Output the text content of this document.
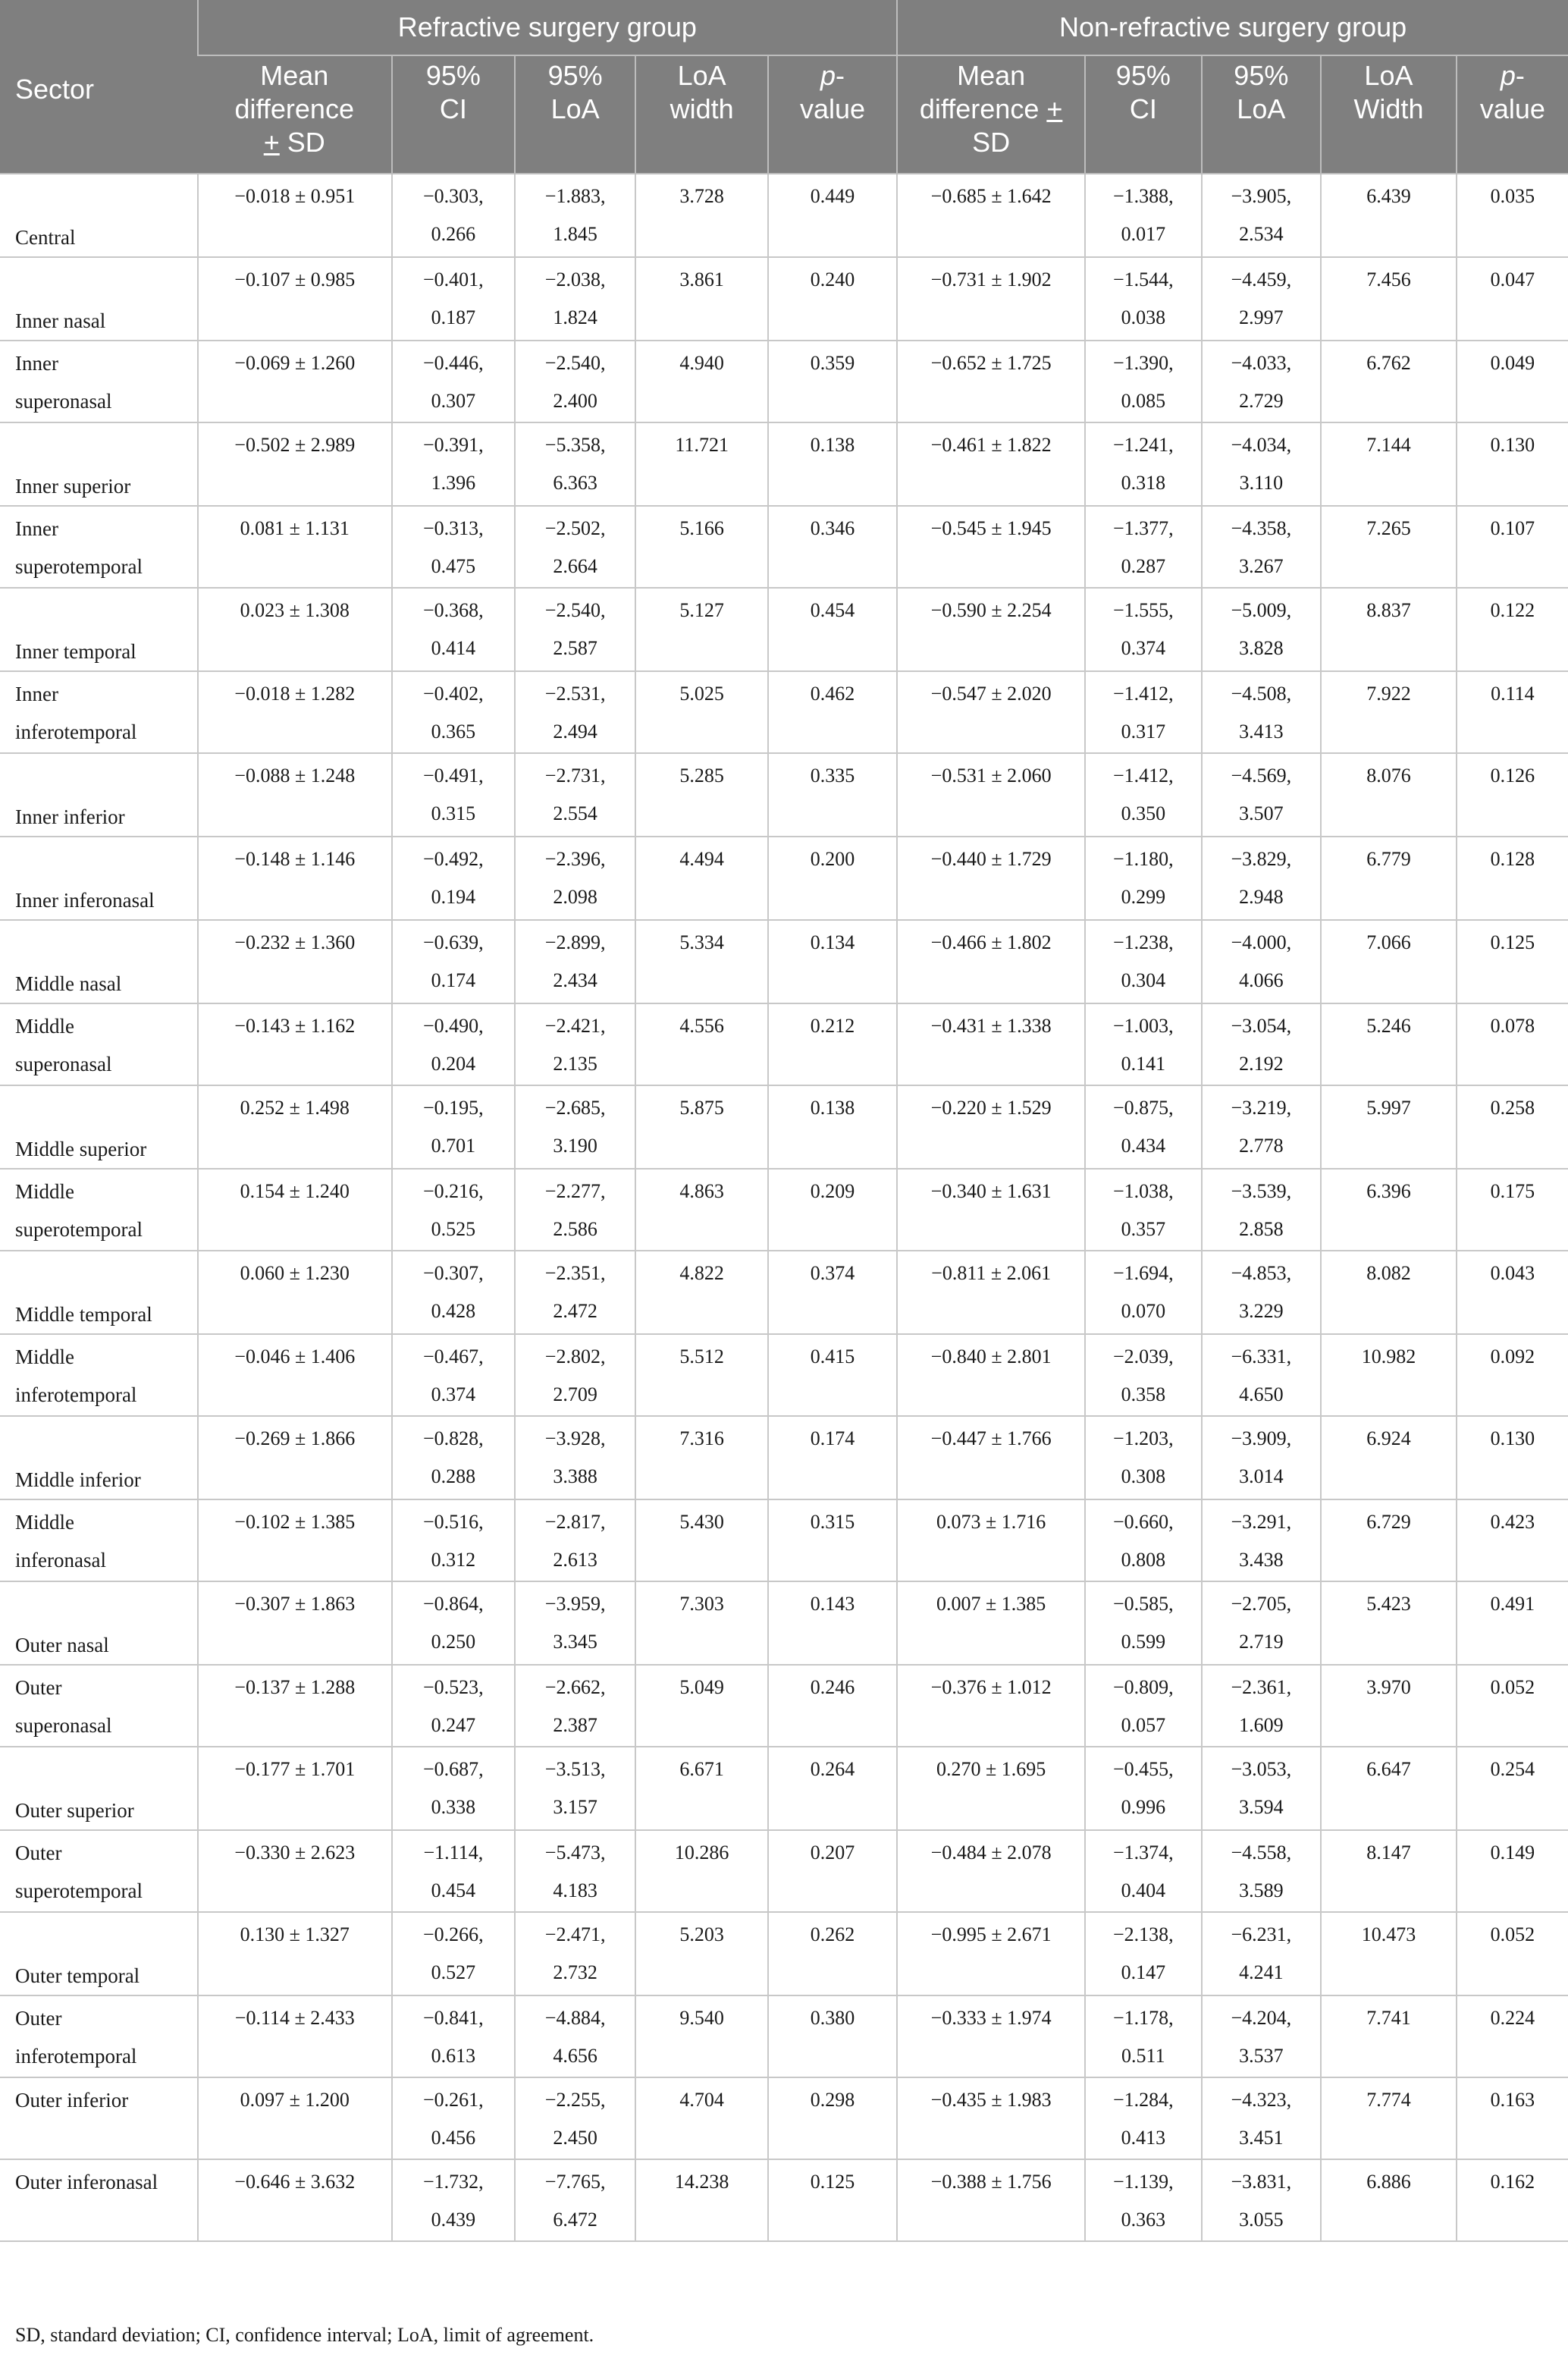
Sector	Refractive surgery group					Non-refractive surgery group				
	Mean
difference
+ SD	95%
CI	95%
LoA	LoA
width	p-
value	Mean
difference + SD	95%
CI	95%
LoA	LoA
Width	p-
value

Central	−0.018 ± 0.951	−0.303,
0.266	−1.883,
1.845	3.728	0.449	−0.685 ± 1.642	−1.388,
0.017	−3.905,
2.534	6.439	0.035

Inner nasal	−0.107 ± 0.985	−0.401,
0.187	−2.038,
1.824	3.861	0.240	−0.731 ± 1.902	−1.544,
0.038	−4.459,
2.997	7.456	0.047

Inner
superonasal	−0.069 ± 1.260	−0.446,
0.307	−2.540,
2.400	4.940	0.359	−0.652 ± 1.725	−1.390,
0.085	−4.033,
2.729	6.762	0.049

Inner superior	−0.502 ± 2.989	−0.391,
1.396	−5.358,
6.363	11.721	0.138	−0.461 ± 1.822	−1.241,
0.318	−4.034,
3.110	7.144	0.130

Inner
superotemporal	0.081 ± 1.131	−0.313,
0.475	−2.502,
2.664	5.166	0.346	−0.545 ± 1.945	−1.377,
0.287	−4.358,
3.267	7.265	0.107

Inner temporal	0.023 ± 1.308	−0.368,
0.414	−2.540,
2.587	5.127	0.454	−0.590 ± 2.254	−1.555,
0.374	−5.009,
3.828	8.837	0.122

Inner
inferotemporal	−0.018 ± 1.282	−0.402,
0.365	−2.531,
2.494	5.025	0.462	−0.547 ± 2.020	−1.412,
0.317	−4.508,
3.413	7.922	0.114

Inner inferior	−0.088 ± 1.248	−0.491,
0.315	−2.731,
2.554	5.285	0.335	−0.531 ± 2.060	−1.412,
0.350	−4.569,
3.507	8.076	0.126

Inner inferonasal	−0.148 ± 1.146	−0.492,
0.194	−2.396,
2.098	4.494	0.200	−0.440 ± 1.729	−1.180,
0.299	−3.829,
2.948	6.779	0.128

Middle nasal	−0.232 ± 1.360	−0.639,
0.174	−2.899,
2.434	5.334	0.134	−0.466 ± 1.802	−1.238,
0.304	−4.000,
4.066	7.066	0.125

Middle
superonasal	−0.143 ± 1.162	−0.490,
0.204	−2.421,
2.135	4.556	0.212	−0.431 ± 1.338	−1.003,
0.141	−3.054,
2.192	5.246	0.078

Middle superior	0.252 ± 1.498	−0.195,
0.701	−2.685,
3.190	5.875	0.138	−0.220 ± 1.529	−0.875,
0.434	−3.219,
2.778	5.997	0.258

Middle
superotemporal	0.154 ± 1.240	−0.216,
0.525	−2.277,
2.586	4.863	0.209	−0.340 ± 1.631	−1.038,
0.357	−3.539,
2.858	6.396	0.175

Middle temporal	0.060 ± 1.230	−0.307,
0.428	−2.351,
2.472	4.822	0.374	−0.811 ± 2.061	−1.694,
0.070	−4.853,
3.229	8.082	0.043

Middle
inferotemporal	−0.046 ± 1.406	−0.467,
0.374	−2.802,
2.709	5.512	0.415	−0.840 ± 2.801	−2.039,
0.358	−6.331,
4.650	10.982	0.092

Middle inferior	−0.269 ± 1.866	−0.828,
0.288	−3.928,
3.388	7.316	0.174	−0.447 ± 1.766	−1.203,
0.308	−3.909,
3.014	6.924	0.130

Middle
inferonasal	−0.102 ± 1.385	−0.516,
0.312	−2.817,
2.613	5.430	0.315	0.073 ± 1.716	−0.660,
0.808	−3.291,
3.438	6.729	0.423

Outer nasal	−0.307 ± 1.863	−0.864,
0.250	−3.959,
3.345	7.303	0.143	0.007 ± 1.385	−0.585,
0.599	−2.705,
2.719	5.423	0.491

Outer
superonasal	−0.137 ± 1.288	−0.523,
0.247	−2.662,
2.387	5.049	0.246	−0.376 ± 1.012	−0.809,
0.057	−2.361,
1.609	3.970	0.052

Outer superior	−0.177 ± 1.701	−0.687,
0.338	−3.513,
3.157	6.671	0.264	0.270 ± 1.695	−0.455,
0.996	−3.053,
3.594	6.647	0.254

Outer
superotemporal	−0.330 ± 2.623	−1.114,
0.454	−5.473,
4.183	10.286	0.207	−0.484 ± 2.078	−1.374,
0.404	−4.558,
3.589	8.147	0.149

Outer temporal	0.130 ± 1.327	−0.266,
0.527	−2.471,
2.732	5.203	0.262	−0.995 ± 2.671	−2.138,
0.147	−6.231,
4.241	10.473	0.052

Outer
inferotemporal	−0.114 ± 2.433	−0.841,
0.613	−4.884,
4.656	9.540	0.380	−0.333 ± 1.974	−1.178,
0.511	−4.204,
3.537	7.741	0.224

Outer inferior	0.097 ± 1.200	−0.261,
0.456	−2.255,
2.450	4.704	0.298	−0.435 ± 1.983	−1.284,
0.413	−4.323,
3.451	7.774	0.163

Outer inferonasal	−0.646 ± 3.632	−1.732,
0.439	−7.765,
6.472	14.238	0.125	−0.388 ± 1.756	−1.139,
0.363	−3.831,
3.055	6.886	0.162
SD, standard deviation; CI, confidence interval; LoA, limit of agreement.
